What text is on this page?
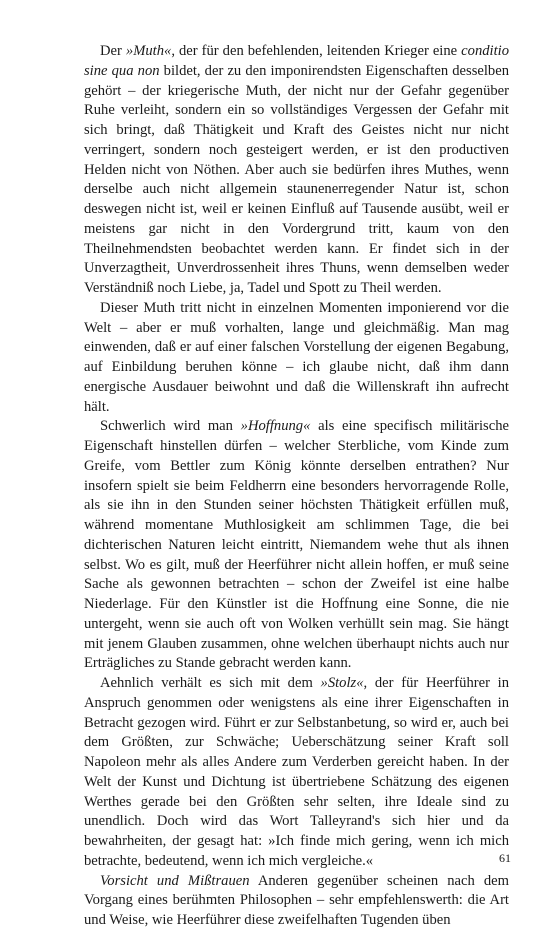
Der »Muth«, der für den befehlenden, leitenden Krieger eine conditio sine qua non bildet, der zu den imponirendsten Eigenschaften desselben gehört – der kriegerische Muth, der nicht nur der Gefahr gegenüber Ruhe verleiht, sondern ein so vollständiges Vergessen der Gefahr mit sich bringt, daß Thätigkeit und Kraft des Geistes nicht nur nicht verringert, sondern noch gesteigert werden, er ist den productiven Helden nicht von Nöthen. Aber auch sie bedürfen ihres Muthes, wenn derselbe auch nicht allgemein staunenerregender Natur ist, schon deswegen nicht ist, weil er keinen Einfluß auf Tausende ausübt, weil er meistens gar nicht in den Vordergrund tritt, kaum von den Theilnehmendsten beobachtet werden kann. Er findet sich in der Unverzagtheit, Unverdrossenheit ihres Thuns, wenn demselben weder Verständniß noch Liebe, ja, Tadel und Spott zu Theil werden.

Dieser Muth tritt nicht in einzelnen Momenten imponierend vor die Welt – aber er muß vorhalten, lange und gleichmäßig. Man mag einwenden, daß er auf einer falschen Vorstellung der eigenen Begabung, auf Einbildung beruhen könne – ich glaube nicht, daß ihm dann energische Ausdauer beiwohnt und daß die Willenskraft ihn aufrecht hält.

Schwerlich wird man »Hoffnung« als eine specifisch militärische Eigenschaft hinstellen dürfen – welcher Sterbliche, vom Kinde zum Greife, vom Bettler zum König könnte derselben entrathen? Nur insofern spielt sie beim Feldherrn eine besonders hervorragende Rolle, als sie ihn in den Stunden seiner höchsten Thätigkeit erfüllen muß, während momentane Muthlosigkeit am schlimmen Tage, die bei dichterischen Naturen leicht eintritt, Niemandem wehe thut als ihnen selbst. Wo es gilt, muß der Heerführer nicht allein hoffen, er muß seine Sache als gewonnen betrachten – schon der Zweifel ist eine halbe Niederlage. Für den Künstler ist die Hoffnung eine Sonne, die nie untergeht, wenn sie auch oft von Wolken verhüllt sein mag. Sie hängt mit jenem Glauben zusammen, ohne welchen überhaupt nichts auch nur Erträgliches zu Stande gebracht werden kann.

Aehnlich verhält es sich mit dem »Stolz«, der für Heerführer in Anspruch genommen oder wenigstens als eine ihrer Eigenschaften in Betracht gezogen wird. Führt er zur Selbstanbetung, so wird er, auch bei dem Größten, zur Schwäche; Ueberschätzung seiner Kraft soll Napoleon mehr als alles Andere zum Verderben gereicht haben. In der Welt der Kunst und Dichtung ist übertriebene Schätzung des eigenen Werthes gerade bei den Größten sehr selten, ihre Ideale sind zu unendlich. Doch wird das Wort Talleyrand's sich hier und da bewahrheiten, der gesagt hat: »Ich finde mich gering, wenn ich mich betrachte, bedeutend, wenn ich mich vergleiche.«

Vorsicht und Mißtrauen Anderen gegenüber scheinen nach dem Vorgang eines berühmten Philosophen – sehr empfehlenswerth: die Art und Weise, wie Heerführer diese zweifelhaften Tugenden üben

61
